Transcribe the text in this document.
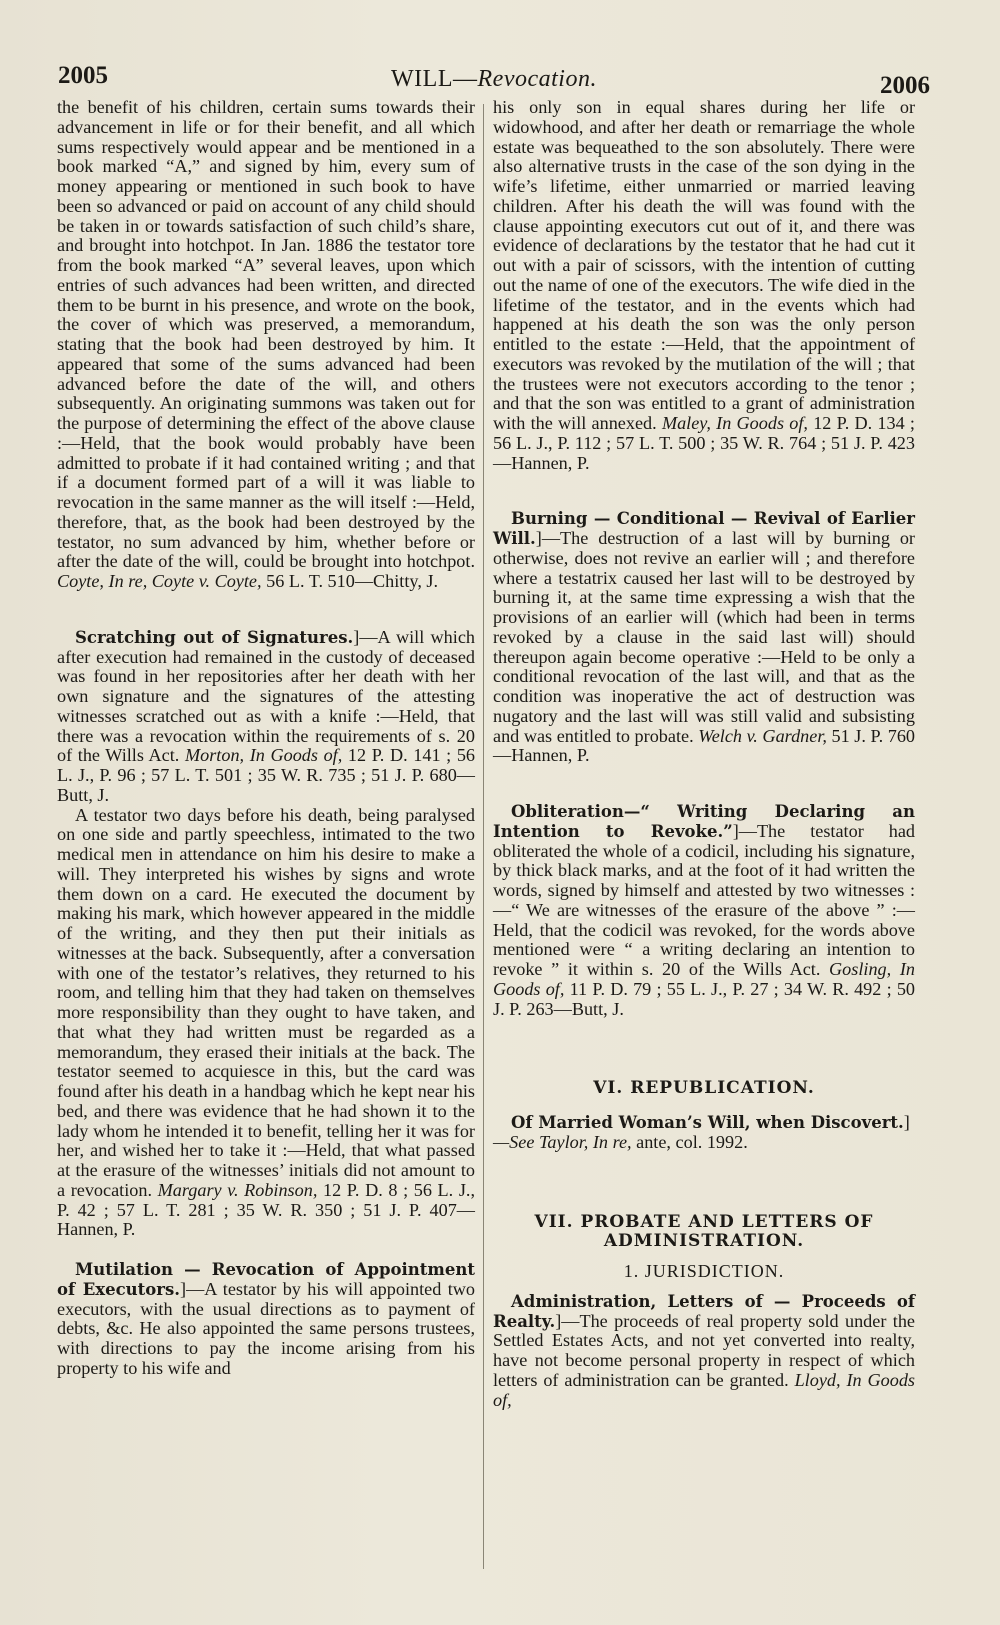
2005	WILL—Revocation.	2006

the benefit of his children, certain sums towards their advancement in life or for their benefit, and all which sums respectively would appear and be mentioned in a book marked “A,” and signed by him, every sum of money appearing or mentioned in such book to have been so advanced or paid on account of any child should be taken in or towards satisfaction of such child’s share, and brought into hotchpot. In Jan. 1886 the testator tore from the book marked “A” several leaves, upon which entries of such advances had been written, and directed them to be burnt in his presence, and wrote on the book, the cover of which was preserved, a memorandum, stating that the book had been destroyed by him. It appeared that some of the sums advanced had been advanced before the date of the will, and others subsequently. An originating summons was taken out for the purpose of determining the effect of the above clause :—Held, that the book would probably have been admitted to probate if it had contained writing ; and that if a document formed part of a will it was liable to revocation in the same manner as the will itself :—Held, therefore, that, as the book had been destroyed by the testator, no sum advanced by him, whether before or after the date of the will, could be brought into hotchpot. Coyte, In re, Coyte v. Coyte, 56 L. T. 510—Chitty, J.

Scratching out of Signatures.]—A will which after execution had remained in the custody of deceased was found in her repositories after her death with her own signature and the signatures of the attesting witnesses scratched out as with a knife :—Held, that there was a revocation within the requirements of s. 20 of the Wills Act. Morton, In Goods of, 12 P. D. 141 ; 56 L. J., P. 96 ; 57 L. T. 501 ; 35 W. R. 735 ; 51 J. P. 680—Butt, J.

A testator two days before his death, being paralysed on one side and partly speechless, intimated to the two medical men in attendance on him his desire to make a will. They interpreted his wishes by signs and wrote them down on a card. He executed the document by making his mark, which however appeared in the middle of the writing, and they then put their initials as witnesses at the back. Subsequently, after a conversation with one of the testator’s relatives, they returned to his room, and telling him that they had taken on themselves more responsibility than they ought to have taken, and that what they had written must be regarded as a memorandum, they erased their initials at the back. The testator seemed to acquiesce in this, but the card was found after his death in a handbag which he kept near his bed, and there was evidence that he had shown it to the lady whom he intended it to benefit, telling her it was for her, and wished her to take it :—Held, that what passed at the erasure of the witnesses’ initials did not amount to a revocation. Margary v. Robinson, 12 P. D. 8 ; 56 L. J., P. 42 ; 57 L. T. 281 ; 35 W. R. 350 ; 51 J. P. 407—Hannen, P.

Mutilation — Revocation of Appointment of Executors.]—A testator by his will appointed two executors, with the usual directions as to payment of debts, &c. He also appointed the same persons trustees, with directions to pay the income arising from his property to his wife and

his only son in equal shares during her life or widowhood, and after her death or remarriage the whole estate was bequeathed to the son absolutely. There were also alternative trusts in the case of the son dying in the wife’s lifetime, either unmarried or married leaving children. After his death the will was found with the clause appointing executors cut out of it, and there was evidence of declarations by the testator that he had cut it out with a pair of scissors, with the intention of cutting out the name of one of the executors. The wife died in the lifetime of the testator, and in the events which had happened at his death the son was the only person entitled to the estate :—Held, that the appointment of executors was revoked by the mutilation of the will ; that the trustees were not executors according to the tenor ; and that the son was entitled to a grant of administration with the will annexed. Maley, In Goods of, 12 P. D. 134 ; 56 L. J., P. 112 ; 57 L. T. 500 ; 35 W. R. 764 ; 51 J. P. 423—Hannen, P.

Burning — Conditional — Revival of Earlier Will.]—The destruction of a last will by burning or otherwise, does not revive an earlier will ; and therefore where a testatrix caused her last will to be destroyed by burning it, at the same time expressing a wish that the provisions of an earlier will (which had been in terms revoked by a clause in the said last will) should thereupon again become operative :—Held to be only a conditional revocation of the last will, and that as the condition was inoperative the act of destruction was nugatory and the last will was still valid and subsisting and was entitled to probate. Welch v. Gardner, 51 J. P. 760—Hannen, P.

Obliteration—“ Writing Declaring an Intention to Revoke.”]—The testator had obliterated the whole of a codicil, including his signature, by thick black marks, and at the foot of it had written the words, signed by himself and attested by two witnesses :—“ We are witnesses of the erasure of the above ” :—Held, that the codicil was revoked, for the words above mentioned were “ a writing declaring an intention to revoke ” it within s. 20 of the Wills Act. Gosling, In Goods of, 11 P. D. 79 ; 55 L. J., P. 27 ; 34 W. R. 492 ; 50 J. P. 263—Butt, J.

VI. REPUBLICATION.

Of Married Woman’s Will, when Discovert.]
—See Taylor, In re, ante, col. 1992.

VII. PROBATE AND LETTERS OF

ADMINISTRATION.

1. JURISDICTION.

Administration, Letters of — Proceeds of Realty.]—The proceeds of real property sold under the Settled Estates Acts, and not yet converted into realty, have not become personal property in respect of which letters of administration can be granted. Lloyd, In Goods of,
